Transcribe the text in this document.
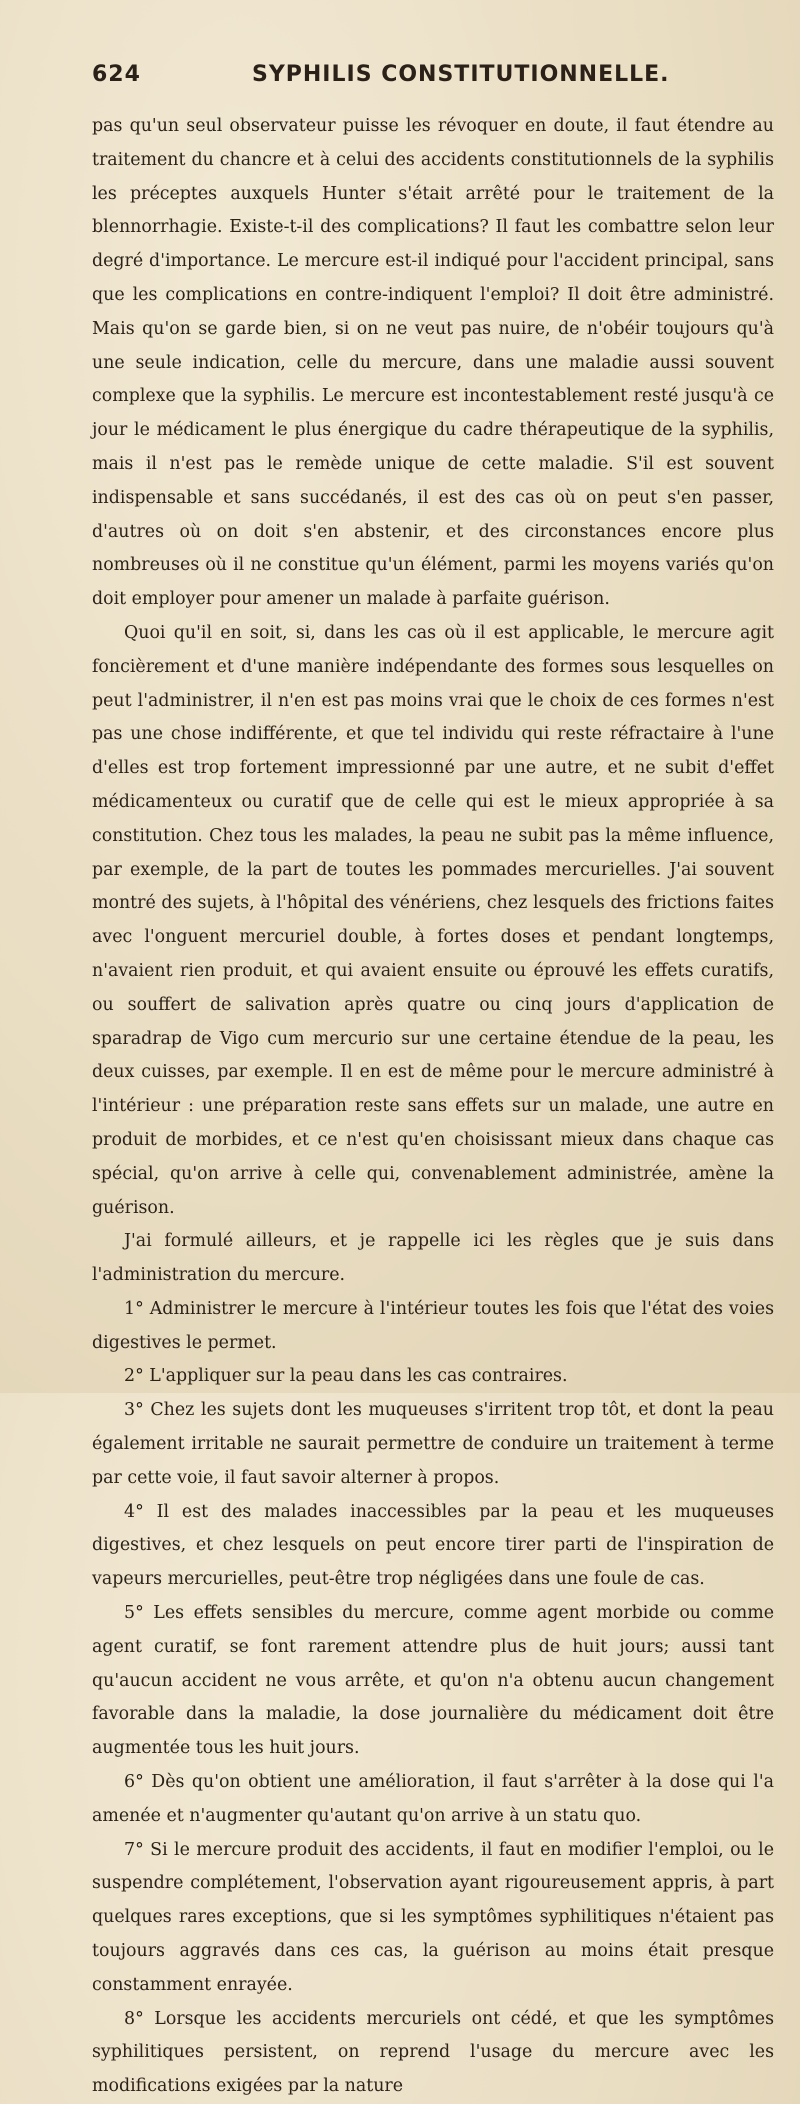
624	SYPHILIS CONSTITUTIONNELLE.

pas qu'un seul observateur puisse les révoquer en doute, il faut étendre au traitement du chancre et à celui des accidents constitutionnels de la syphilis les préceptes auxquels Hunter s'était arrêté pour le traitement de la blennorrhagie. Existe-t-il des complications? Il faut les combattre selon leur degré d'importance. Le mercure est-il indiqué pour l'accident principal, sans que les complications en contre-indiquent l'emploi? Il doit être administré. Mais qu'on se garde bien, si on ne veut pas nuire, de n'obéir toujours qu'à une seule indication, celle du mercure, dans une maladie aussi souvent complexe que la syphilis. Le mercure est incontestablement resté jusqu'à ce jour le médicament le plus énergique du cadre thérapeutique de la syphilis, mais il n'est pas le remède unique de cette maladie. S'il est souvent indispensable et sans succédanés, il est des cas où on peut s'en passer, d'autres où on doit s'en abstenir, et des circonstances encore plus nombreuses où il ne constitue qu'un élément, parmi les moyens variés qu'on doit employer pour amener un malade à parfaite guérison.

Quoi qu'il en soit, si, dans les cas où il est applicable, le mercure agit foncièrement et d'une manière indépendante des formes sous lesquelles on peut l'administrer, il n'en est pas moins vrai que le choix de ces formes n'est pas une chose indifférente, et que tel individu qui reste réfractaire à l'une d'elles est trop fortement impressionné par une autre, et ne subit d'effet médicamenteux ou curatif que de celle qui est le mieux appropriée à sa constitution. Chez tous les malades, la peau ne subit pas la même influence, par exemple, de la part de toutes les pommades mercurielles. J'ai souvent montré des sujets, à l'hôpital des vénériens, chez lesquels des frictions faites avec l'onguent mercuriel double, à fortes doses et pendant longtemps, n'avaient rien produit, et qui avaient ensuite ou éprouvé les effets curatifs, ou souffert de salivation après quatre ou cinq jours d'application de sparadrap de Vigo cum mercurio sur une certaine étendue de la peau, les deux cuisses, par exemple. Il en est de même pour le mercure administré à l'intérieur : une préparation reste sans effets sur un malade, une autre en produit de morbides, et ce n'est qu'en choisissant mieux dans chaque cas spécial, qu'on arrive à celle qui, convenablement administrée, amène la guérison.

J'ai formulé ailleurs, et je rappelle ici les règles que je suis dans l'administration du mercure.

1° Administrer le mercure à l'intérieur toutes les fois que l'état des voies digestives le permet.

2° L'appliquer sur la peau dans les cas contraires.

3° Chez les sujets dont les muqueuses s'irritent trop tôt, et dont la peau également irritable ne saurait permettre de conduire un traitement à terme par cette voie, il faut savoir alterner à propos.

4° Il est des malades inaccessibles par la peau et les muqueuses digestives, et chez lesquels on peut encore tirer parti de l'inspiration de vapeurs mercurielles, peut-être trop négligées dans une foule de cas.

5° Les effets sensibles du mercure, comme agent morbide ou comme agent curatif, se font rarement attendre plus de huit jours; aussi tant qu'aucun accident ne vous arrête, et qu'on n'a obtenu aucun changement favorable dans la maladie, la dose journalière du médicament doit être augmentée tous les huit jours.

6° Dès qu'on obtient une amélioration, il faut s'arrêter à la dose qui l'a amenée et n'augmenter qu'autant qu'on arrive à un statu quo.

7° Si le mercure produit des accidents, il faut en modifier l'emploi, ou le suspendre complétement, l'observation ayant rigoureusement appris, à part quelques rares exceptions, que si les symptômes syphilitiques n'étaient pas toujours aggravés dans ces cas, la guérison au moins était presque constamment enrayée.

8° Lorsque les accidents mercuriels ont cédé, et que les symptômes syphilitiques persistent, on reprend l'usage du mercure avec les modifications exigées par la nature
